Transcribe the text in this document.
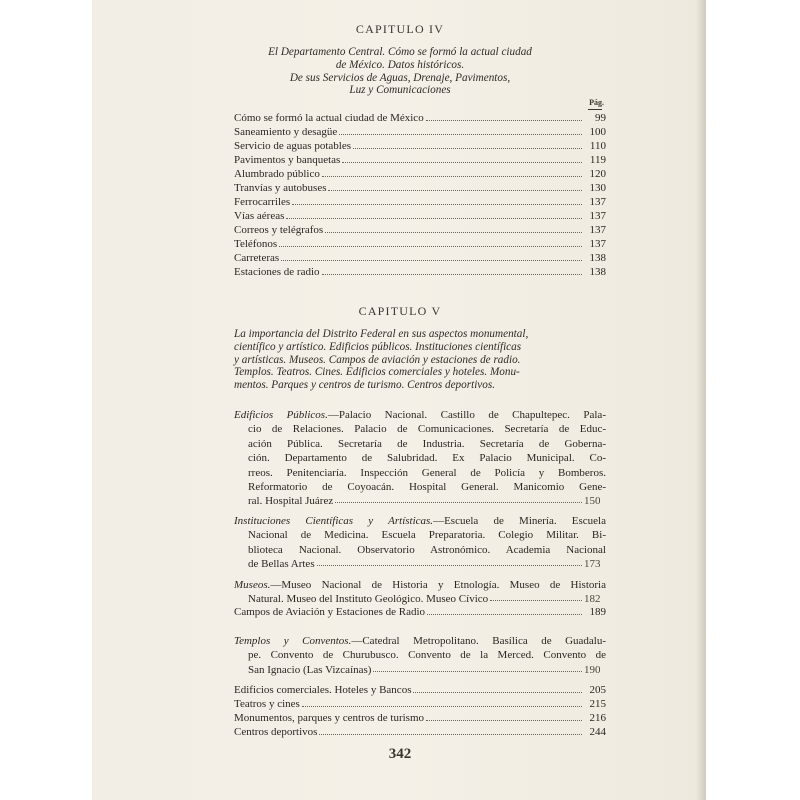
CAPITULO IV
El Departamento Central. Cómo se formó la actual ciudad
de México. Datos históricos.
De sus Servicios de Aguas, Drenaje, Pavimentos,
Luz y Comunicaciones
Pág.
Cómo se formó la actual ciudad de México	99
Saneamiento y desagüe	100
Servicio de aguas potables	110
Pavimentos y banquetas	119
Alumbrado público	120
Tranvías y autobuses	130
Ferrocarriles	137
Vías aéreas	137
Correos y telégrafos	137
Teléfonos	137
Carreteras	138
Estaciones de radio	138
CAPITULO V
La importancia del Distrito Federal en sus aspectos monumental,
científico y artístico. Edificios públicos. Instituciones científicas
y artísticas. Museos. Campos de aviación y estaciones de radio.
Templos. Teatros. Cines. Edificios comerciales y hoteles. Monu-
mentos. Parques y centros de turismo. Centros deportivos.
Edificios Públicos.—Palacio Nacional. Castillo de Chapultepec. Pala-
cio de Relaciones. Palacio de Comunicaciones. Secretaría de Educ-
ación Pública. Secretaría de Industria. Secretaría de Goberna-
ción. Departamento de Salubridad. Ex Palacio Municipal. Co-
rreos. Penitenciaría. Inspección General de Policía y Bomberos.
Reformatorio de Coyoacán. Hospital General. Manicomio Gene-
ral. Hospital Juárez	150
Instituciones Científicas y Artísticas.—Escuela de Minería. Escuela
Nacional de Medicina. Escuela Preparatoria. Colegio Militar. Bi-
blioteca Nacional. Observatorio Astronómico. Academia Nacional
de Bellas Artes	173
Museos.—Museo Nacional de Historia y Etnología. Museo de Historia
Natural. Museo del Instituto Geológico. Museo Cívico	182
Campos de Aviación y Estaciones de Radio	189
Templos y Conventos.—Catedral Metropolitano. Basílica de Guadalu-
pe. Convento de Churubusco. Convento de la Merced. Convento de
San Ignacio (Las Vizcaínas)	190
Edificios comerciales. Hoteles y Bancos	205
Teatros y cines	215
Monumentos, parques y centros de turismo	216
Centros deportivos	244
342
